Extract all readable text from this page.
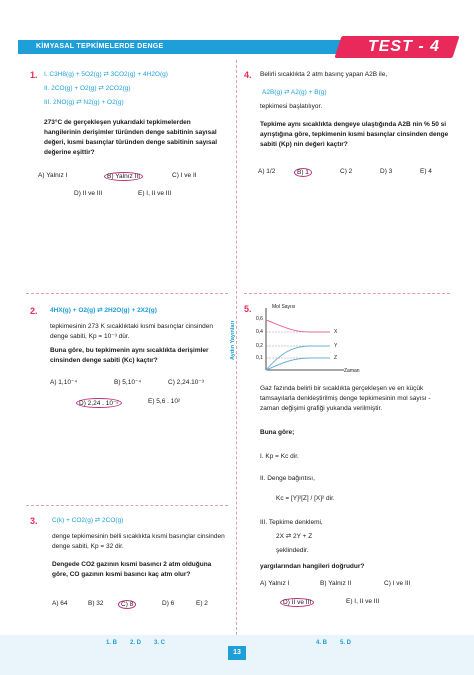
KİMYASAL TEPKİMELERDE DENGE	TEST - 4
1. I. C3H8(g) + 5O2(g) ⇄ 3CO2(g) + 4H2O(g)
II. 2CO(g) + O2(g) ⇄ 2CO2(g)
III. 2NO(g) ⇄ N2(g) + O2(g)
273°C de gerçekleşen yukarıdaki tepkimelerden hangilerinin derişimler türünden denge sabitinin sayısal değeri, kısmi basınçlar türünden denge sabitinin sayısal değerine eşittir?
A) Yalnız I	B) Yalnız III	C) I ve II
D) II ve III	E) I, II ve III
2. 4HX(g) + O2(g) ⇄ 2H2O(g) + 2X2(g)
tepkimesinin 273 K sıcaklıktaki kısmi basınçlar cinsinden denge sabiti, Kp = 10⁻³ dür.
Buna göre, bu tepkimenin aynı sıcaklıkta derişimler cinsinden denge sabiti (Kc) kaçtır?
A) 1,10⁻⁴	B) 5,10⁻⁴	C) 2,24.10⁻³
D) 2,24 . 10⁻²	E) 5,6 . 10²
3. C(k) + CO2(g) ⇄ 2CO(g)
denge tepkimesinin belli sıcaklıkta kısmi basınçlar cinsinden denge sabiti, Kp = 32 dir.
Dengede CO2 gazının kısmi basıncı 2 atm olduğuna göre, CO gazının kısmi basıncı kaç atm olur?
A) 64	B) 32	C) 8	D) 6	E) 2
4. Belirli sıcaklıkta 2 atm basınç yapan A2B ile,
A2B(g) ⇄ A2(g) + B(g)
tepkimesi başlatılıyor.
Tepkime aynı sıcaklıkta dengeye ulaştığında A2B nin % 50 si ayrıştığına göre, tepkimenin kısmi basınçlar cinsinden denge sabiti (Kp) nin değeri kaçtır?
A) 1/2	B) 1	C) 2	D) 3	E) 4
5.	Mol Sayısı
Zaman
0,6
0,4
0,2
0,1
X
Y
Z
Gaz fazında belirli bir sıcaklıkta gerçekleşen ve en küçük tamsayılarla denkleştirilmiş denge tepkimesinin mol sayısı - zaman değişimi grafiği yukarıda verilmiştir.
Buna göre;
I. Kp = Kc dir.
II. Denge bağıntısı,
Kc = [Y]²[Z] / [X]² dir.
III. Tepkime denklemi,
2X ⇄ 2Y + Z
şeklindedir.
yargılarından hangileri doğrudur?
A) Yalnız I	B) Yalnız II	C) I ve III
D) II ve III	E) I, II ve III
Aydın Yayınları
1. B 2. D 3. C
13
4. B 5. D
